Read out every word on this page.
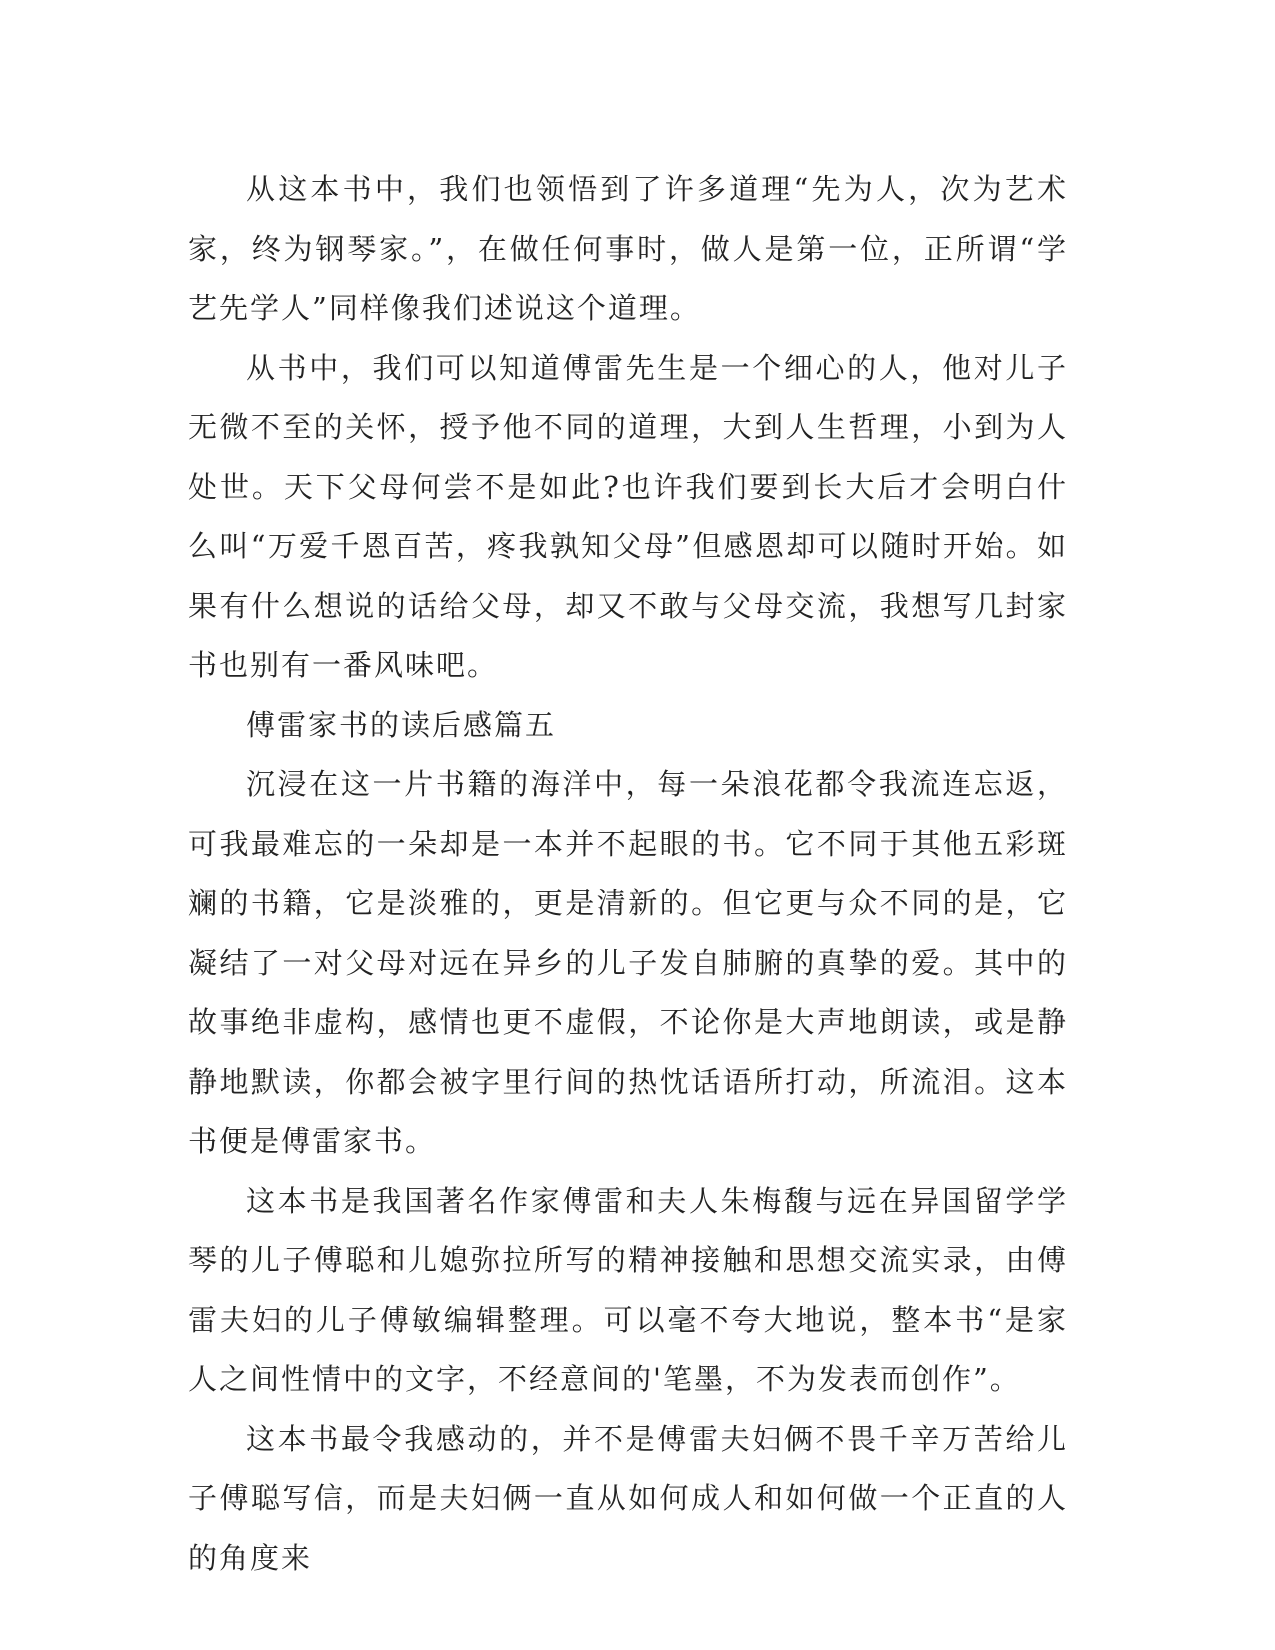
从这本书中，我们也领悟到了许多道理“先为人，次为艺术家，终为钢琴家。”，在做任何事时，做人是第一位，正所谓“学艺先学人”同样像我们述说这个道理。

从书中，我们可以知道傅雷先生是一个细心的人，他对儿子无微不至的关怀，授予他不同的道理，大到人生哲理，小到为人处世。天下父母何尝不是如此?也许我们要到长大后才会明白什么叫“万爱千恩百苦，疼我孰知父母”但感恩却可以随时开始。如果有什么想说的话给父母，却又不敢与父母交流，我想写几封家书也别有一番风味吧。

傅雷家书的读后感篇五

沉浸在这一片书籍的海洋中，每一朵浪花都令我流连忘返，可我最难忘的一朵却是一本并不起眼的书。它不同于其他五彩斑斓的书籍，它是淡雅的，更是清新的。但它更与众不同的是，它凝结了一对父母对远在异乡的儿子发自肺腑的真挚的爱。其中的故事绝非虚构，感情也更不虚假，不论你是大声地朗读，或是静静地默读，你都会被字里行间的热忱话语所打动，所流泪。这本书便是傅雷家书。

这本书是我国著名作家傅雷和夫人朱梅馥与远在异国留学学琴的儿子傅聪和儿媳弥拉所写的精神接触和思想交流实录，由傅雷夫妇的儿子傅敏编辑整理。可以毫不夸大地说，整本书“是家人之间性情中的文字，不经意间的'笔墨，不为发表而创作”。

这本书最令我感动的，并不是傅雷夫妇俩不畏千辛万苦给儿子傅聪写信，而是夫妇俩一直从如何成人和如何做一个正直的人的角度来
